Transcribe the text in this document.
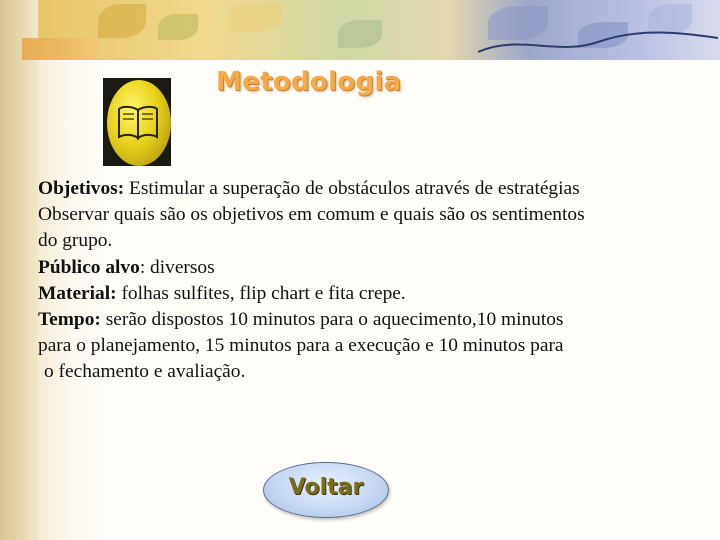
Metodologia

Objetivos: Estimular a superação de obstáculos através de estratégias

Observar quais são os objetivos em comum e quais são os sentimentos

do grupo.

Público alvo: diversos

Material: folhas sulfites, flip chart e fita crepe.

Tempo: serão dispostos 10 minutos para o aquecimento,10 minutos

para o planejamento, 15 minutos para a execução e 10 minutos para

o fechamento e avaliação.

Voltar
